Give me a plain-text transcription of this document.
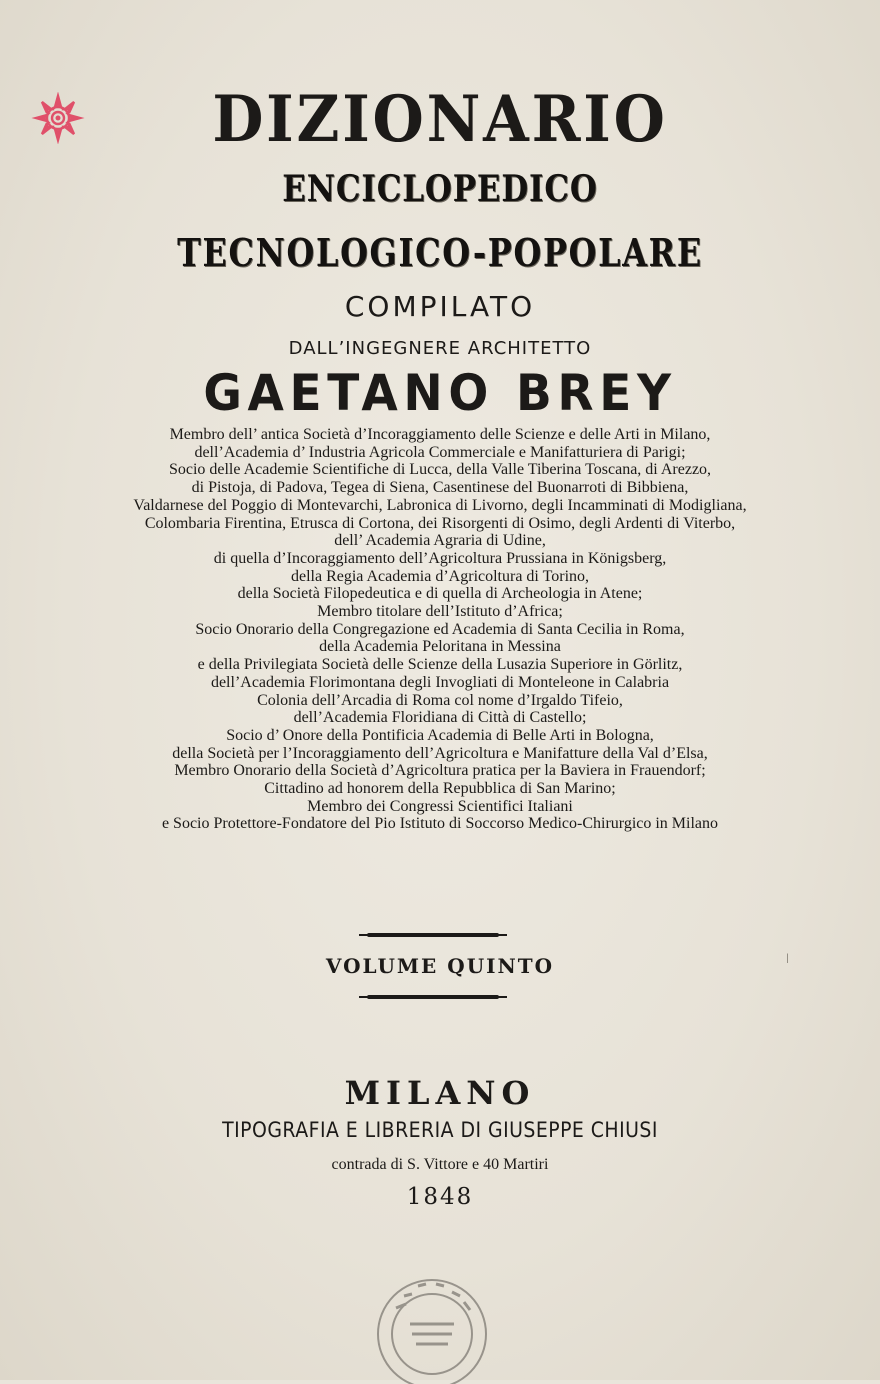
DIZIONARIO
ENCICLOPEDICO
TECNOLOGICO-POPOLARE
COMPILATO
DALL’INGEGNERE ARCHITETTO
GAETANO BREY
Membro dell’ antica Società d’Incoraggiamento delle Scienze e delle Arti in Milano,
dell’Academia d’ Industria Agricola Commerciale e Manifatturiera di Parigi;
Socio delle Academie Scientifiche di Lucca, della Valle Tiberina Toscana, di Arezzo,
di Pistoja, di Padova, Tegea di Siena, Casentinese del Buonarroti di Bibbiena,
Valdarnese del Poggio di Montevarchi, Labronica di Livorno, degli Incamminati di Modigliana,
Colombaria Firentina, Etrusca di Cortona, dei Risorgenti di Osimo, degli Ardenti di Viterbo,
dell’ Academia Agraria di Udine,
di quella d’Incoraggiamento dell’Agricoltura Prussiana in Königsberg,
della Regia Academia d’Agricoltura di Torino,
della Società Filopedeutica e di quella di Archeologia in Atene;
Membro titolare dell’Istituto d’Africa;
Socio Onorario della Congregazione ed Academia di Santa Cecilia in Roma,
della Academia Peloritana in Messina
e della Privilegiata Società delle Scienze della Lusazia Superiore in Görlitz,
dell’Academia Florimontana degli Invogliati di Monteleone in Calabria
Colonia dell’Arcadia di Roma col nome d’Irgaldo Tifeio,
dell’Academia Floridiana di Città di Castello;
Socio d’ Onore della Pontificia Academia di Belle Arti in Bologna,
della Società per l’Incoraggiamento dell’Agricoltura e Manifatture della Val d’Elsa,
Membro Onorario della Società d’Agricoltura pratica per la Baviera in Frauendorf;
Cittadino ad honorem della Repubblica di San Marino;
Membro dei Congressi Scientifici Italiani
e Socio Protettore-Fondatore del Pio Istituto di Soccorso Medico-Chirurgico in Milano
VOLUME QUINTO
MILANO
TIPOGRAFIA E LIBRERIA DI GIUSEPPE CHIUSI
contrada di S. Vittore e 40 Martiri
1848
ǀ
